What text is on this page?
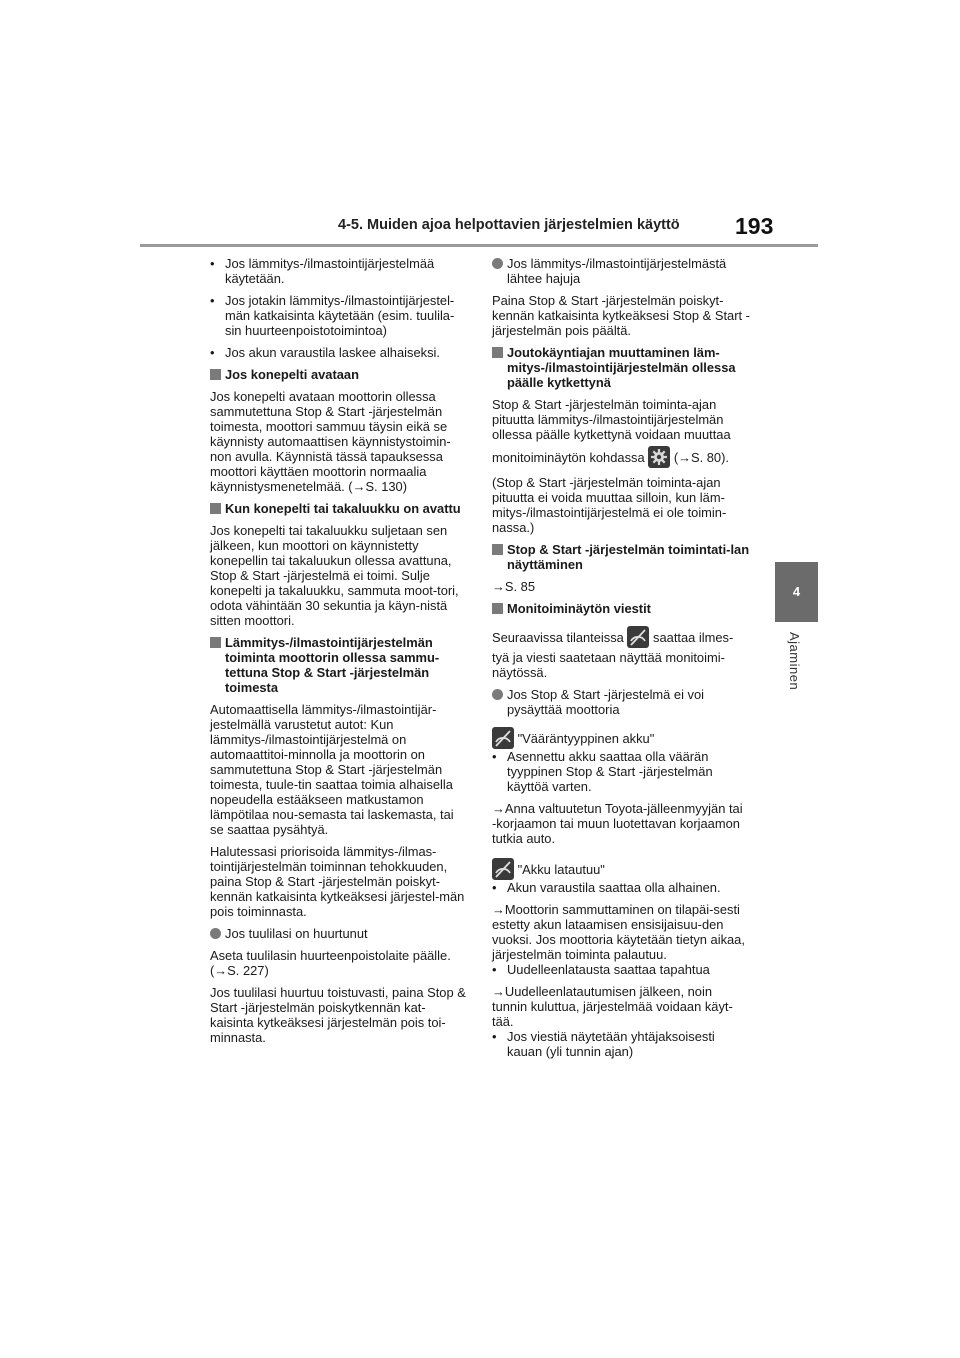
4-5. Muiden ajoa helpottavien järjestelmien käyttö 193
4
Ajaminen

• Jos lämmitys-/ilmastointijärjestelmää käytetään.

• Jos jotakin lämmitys-/ilmastointijärjestel-män katkaisinta käytetään (esim. tuulila-sin huurteenpoistotoimintoa)

• Jos akun varaustila laskee alhaiseksi.

Jos konepelti avataan

Jos konepelti avataan moottorin ollessa sammutettuna Stop & Start -järjestelmän toimesta, moottori sammuu täysin eikä se käynnisty automaattisen käynnistystoimin-non avulla. Käynnistä tässä tapauksessa moottori käyttäen moottorin normaalia käynnistysmenetelmää. (→S. 130)

Kun konepelti tai takaluukku on avattu

Jos konepelti tai takaluukku suljetaan sen jälkeen, kun moottori on käynnistetty konepellin tai takaluukun ollessa avattuna, Stop & Start -järjestelmä ei toimi. Sulje konepelti ja takaluukku, sammuta moot-tori, odota vähintään 30 sekuntia ja käyn-nistä sitten moottori.

Lämmitys-/ilmastointijärjestelmän toiminta moottorin ollessa sammu-tettuna Stop & Start -järjestelmän toimesta

Automaattisella lämmitys-/ilmastointijär-jestelmällä varustetut autot: Kun lämmitys-/ilmastointijärjestelmä on automaattitoi-minnolla ja moottorin on sammutettuna Stop & Start -järjestelmän toimesta, tuule-tin saattaa toimia alhaisella nopeudella estääkseen matkustamon lämpötilaa nou-semasta tai laskemasta, tai se saattaa pysähtyä.

Halutessasi priorisoida lämmitys-/ilmas-tointijärjestelmän toiminnan tehokkuuden, paina Stop & Start -järjestelmän poiskyt-kennän katkaisinta kytkeäksesi järjestel-män pois toiminnasta.

Jos tuulilasi on huurtunut

Aseta tuulilasin huurteenpoistolaite päälle. (→S. 227)

Jos tuulilasi huurtuu toistuvasti, paina Stop & Start -järjestelmän poiskytkennän kat-kaisinta kytkeäksesi järjestelmän pois toi-minnasta.

Jos lämmitys-/ilmastointijärjestelmästä lähtee hajuja

Paina Stop & Start -järjestelmän poiskyt-kennän katkaisinta kytkeäksesi Stop & Start -järjestelmän pois päältä.

Joutokäyntiajan muuttaminen läm-mitys-/ilmastointijärjestelmän ollessa päälle kytkettynä

Stop & Start -järjestelmän toiminta-ajan pituutta lämmitys-/ilmastointijärjestelmän ollessa päälle kytkettynä voidaan muuttaa

monitoiminäytön kohdassa (→S. 80).

(Stop & Start -järjestelmän toiminta-ajan pituutta ei voida muuttaa silloin, kun läm-mitys-/ilmastointijärjestelmä ei ole toimin-nassa.)

Stop & Start -järjestelmän toimintati-lan näyttäminen

→S. 85

Monitoiminäytön viestit

Seuraavissa tilanteissa saattaa ilmes-

tyä ja viesti saatetaan näyttää monitoimi-näytössä.

Jos Stop & Start -järjestelmä ei voi pysäyttää moottoria

"Vääräntyyppinen akku"

• Asennettu akku saattaa olla väärän tyyppinen Stop & Start -järjestelmän käyttöä varten.

→Anna valtuutetun Toyota-jälleenmyyjän tai -korjaamon tai muun luotettavan korjaamon tutkia auto.

"Akku latautuu"

• Akun varaustila saattaa olla alhainen.

→Moottorin sammuttaminen on tilapäi-sesti estetty akun lataamisen ensisijaisuu-den vuoksi. Jos moottoria käytetään tietyn aikaa, järjestelmän toiminta palautuu.

• Uudelleenlatausta saattaa tapahtua

→Uudelleenlatautumisen jälkeen, noin tunnin kuluttua, järjestelmää voidaan käyt-tää.

• Jos viestiä näytetään yhtäjaksoisesti kauan (yli tunnin ajan)
